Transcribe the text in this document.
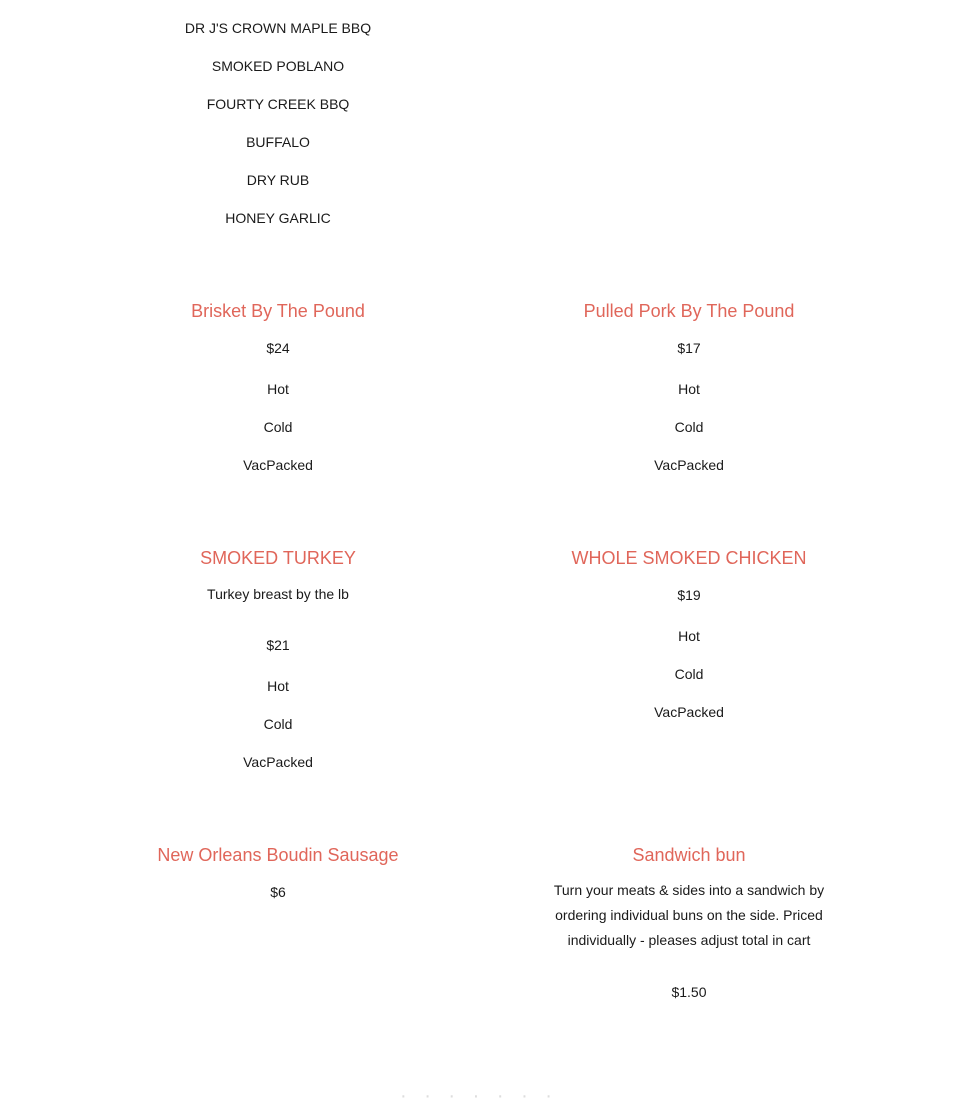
DR J'S CROWN MAPLE BBQ
SMOKED POBLANO
FOURTY CREEK BBQ
BUFFALO
DRY RUB
HONEY GARLIC
Brisket By The Pound
$24
Hot
Cold
VacPacked
Pulled Pork By The Pound
$17
Hot
Cold
VacPacked
SMOKED TURKEY
Turkey breast by the lb
$21
Hot
Cold
VacPacked
WHOLE SMOKED CHICKEN
$19
Hot
Cold
VacPacked
New Orleans Boudin Sausage
$6
Sandwich bun
Turn your meats & sides into a sandwich by ordering individual buns on the side. Priced individually - pleases adjust total in cart
$1.50
· · · · · · ·
